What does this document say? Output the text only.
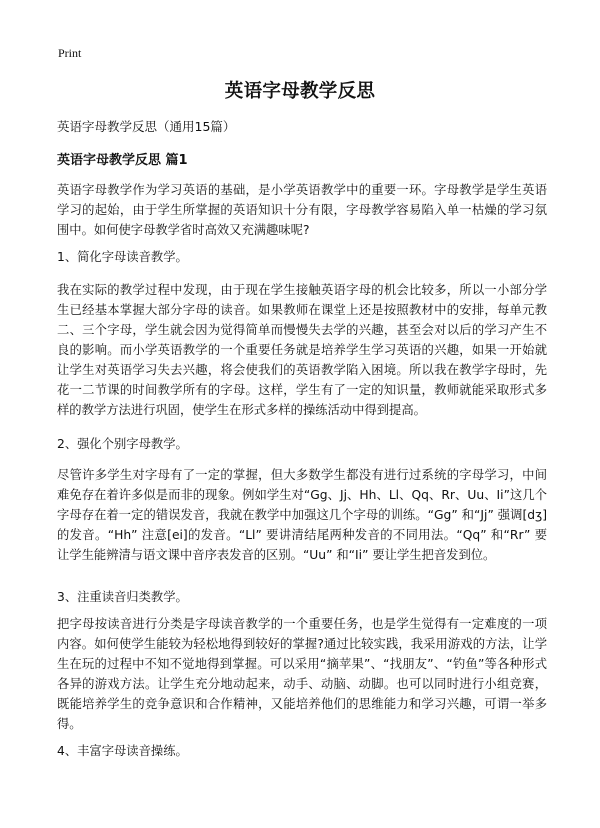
Print
英语字母教学反思
英语字母教学反思（通用15篇）
英语字母教学反思 篇1

英语字母教学作为学习英语的基础，是小学英语教学中的重要一环。字母教学是学生英语学习的起始，由于学生所掌握的英语知识十分有限，字母教学容易陷入单一枯燥的学习氛围中。如何使字母教学省时高效又充满趣味呢?

1、简化字母读音教学。

我在实际的教学过程中发现，由于现在学生接触英语字母的机会比较多，所以一小部分学生已经基本掌握大部分字母的读音。如果教师在课堂上还是按照教材中的安排，每单元教二、三个字母，学生就会因为觉得简单而慢慢失去学的兴趣，甚至会对以后的学习产生不良的影响。而小学英语教学的一个重要任务就是培养学生学习英语的兴趣，如果一开始就让学生对英语学习失去兴趣，将会使我们的英语教学陷入困境。所以我在教学字母时，先花一二节课的时间教学所有的字母。这样，学生有了一定的知识量，教师就能采取形式多样的教学方法进行巩固，使学生在形式多样的操练活动中得到提高。

2、强化个别字母教学。

尽管许多学生对字母有了一定的掌握，但大多数学生都没有进行过系统的字母学习，中间难免存在着许多似是而非的现象。例如学生对“Gg、Jj、Hh、Ll、Qq、Rr、Uu、Ii”这几个字母存在着一定的错误发音，我就在教学中加强这几个字母的训练。“Gg” 和“Jj” 强调[dʒ]的发音。“Hh” 注意[ei]的发音。“Ll” 要讲清结尾两种发音的不同用法。“Qq” 和“Rr” 要让学生能辨清与语文课中音序表发音的区别。“Uu” 和“Ii” 要让学生把音发到位。

3、注重读音归类教学。

把字母按读音进行分类是字母读音教学的一个重要任务，也是学生觉得有一定难度的一项内容。如何使学生能较为轻松地得到较好的掌握?通过比较实践，我采用游戏的方法，让学生在玩的过程中不知不觉地得到掌握。可以采用“摘苹果”、“找朋友”、“钓鱼”等各种形式各异的游戏方法。让学生充分地动起来，动手、动脑、动脚。也可以同时进行小组竞赛，既能培养学生的竞争意识和合作精神，又能培养他们的思维能力和学习兴趣，可谓一举多得。

4、丰富字母读音操练。
